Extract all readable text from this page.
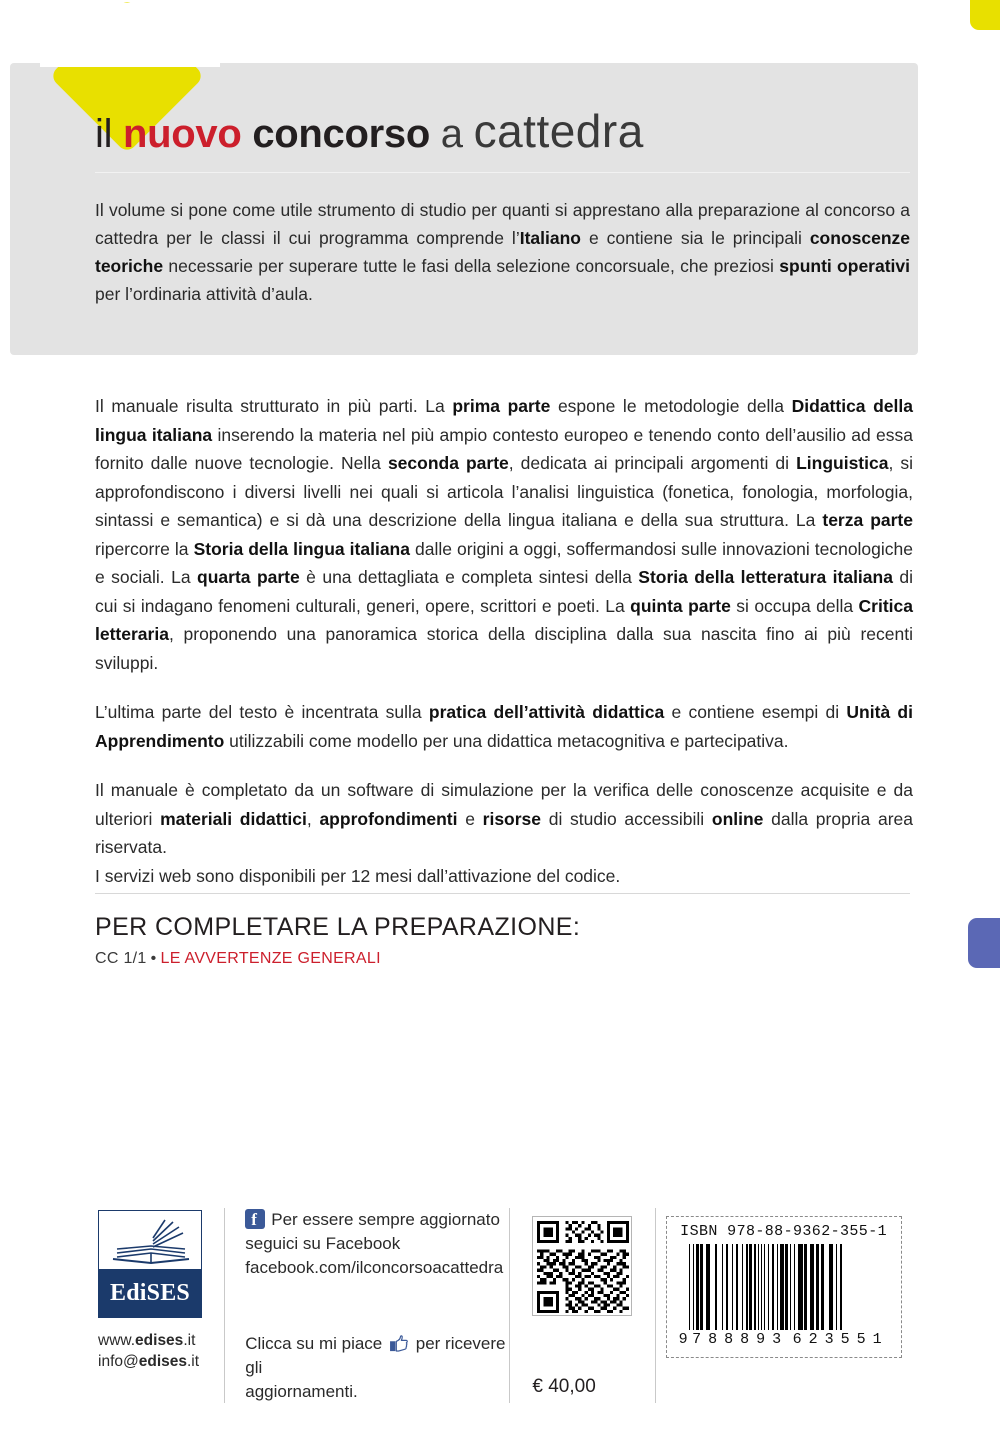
il nuovo concorso a cattedra
Il volume si pone come utile strumento di studio per quanti si apprestano alla preparazione al concorso a cattedra per le classi il cui programma comprende l’Italiano e contiene sia le principali conoscenze teoriche necessarie per superare tutte le fasi della selezione concorsuale, che preziosi spunti operativi per l’ordinaria attività d’aula.

Il manuale risulta strutturato in più parti. La prima parte espone le metodologie della Didattica della lingua italiana inserendo la materia nel più ampio contesto europeo e tenendo conto dell’ausilio ad essa fornito dalle nuove tecnologie. Nella seconda parte, dedicata ai principali argomenti di Linguistica, si approfondiscono i diversi livelli nei quali si articola l’analisi linguistica (fonetica, fonologia, morfologia, sintassi e semantica) e si dà una descrizione della lingua italiana e della sua struttura. La terza parte ripercorre la Storia della lingua italiana dalle origini a oggi, soffermandosi sulle innovazioni tecnologiche e sociali. La quarta parte è una dettagliata e completa sintesi della Storia della letteratura italiana di cui si indagano fenomeni culturali, generi, opere, scrittori e poeti. La quinta parte si occupa della Critica letteraria, proponendo una panoramica storica della disciplina dalla sua nascita fino ai più recenti sviluppi.

L’ultima parte del testo è incentrata sulla pratica dell’attività didattica e contiene esempi di Unità di Apprendimento utilizzabili come modello per una didattica metacognitiva e partecipativa.

Il manuale è completato da un software di simulazione per la verifica delle conoscenze acquisite e da ulteriori materiali didattici, approfondimenti e risorse di studio accessibili online dalla propria area riservata.

I servizi web sono disponibili per 12 mesi dall’attivazione del codice.

PER COMPLETARE LA PREPARAZIONE:
CC 1/1 • LE AVVERTENZE GENERALI
EdiSES
www.edises.it
info@edises.it
fPer essere sempre aggiornato
seguici su Facebook
facebook.com/ilconcorsoacattedra
Clicca su mi piace per ricevere gli
aggiornamenti.	€ 40,00
ISBN 978-88-9362-355-1
9 788893 623551
